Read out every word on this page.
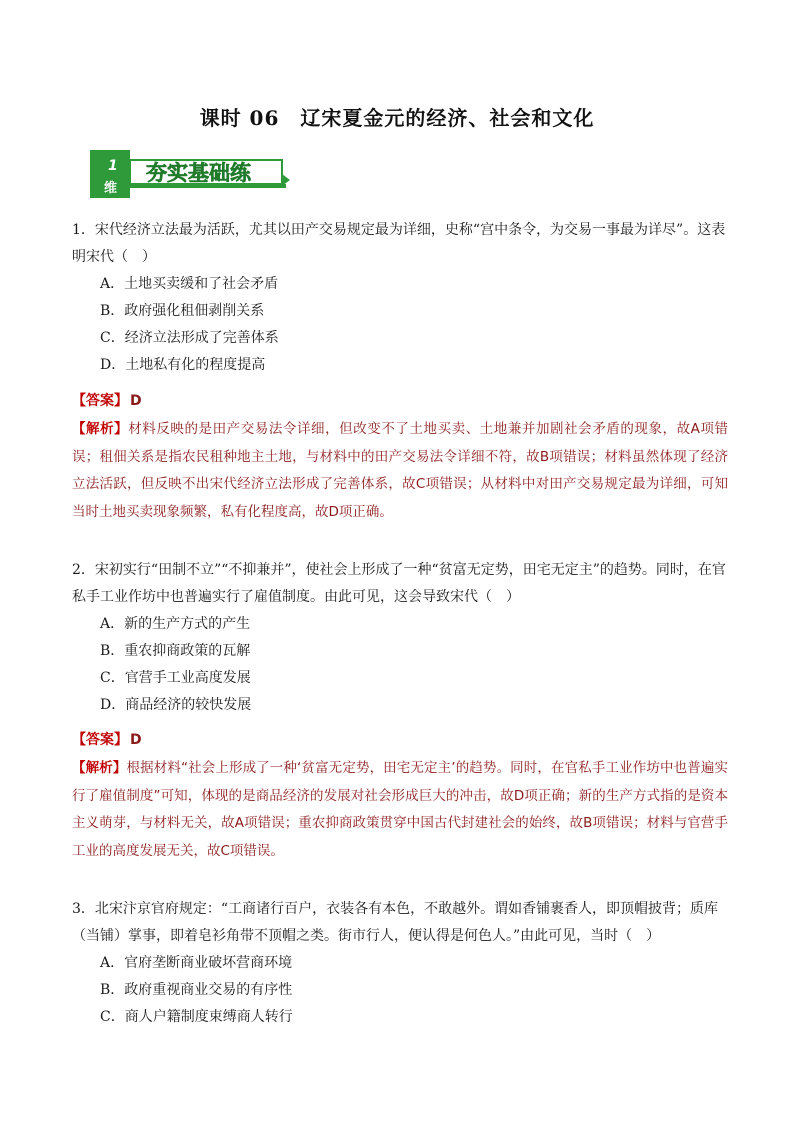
课时 06　辽宋夏金元的经济、社会和文化
1
维
夯实基础练
1．宋代经济立法最为活跃，尤其以田产交易规定最为详细，史称“宫中条令，为交易一事最为详尽”。这表明宋代（　）
A．土地买卖缓和了社会矛盾
B．政府强化租佃剥削关系
C．经济立法形成了完善体系
D．土地私有化的程度提高
【答案】 D
【解析】材料反映的是田产交易法令详细，但改变不了土地买卖、土地兼并加剧社会矛盾的现象，故A项错误；租佃关系是指农民租种地主土地，与材料中的田产交易法令详细不符，故B项错误；材料虽然体现了经济立法活跃，但反映不出宋代经济立法形成了完善体系，故C项错误；从材料中对田产交易规定最为详细，可知当时土地买卖现象频繁，私有化程度高，故D项正确。
2．宋初实行“田制不立”“不抑兼并”，使社会上形成了一种“贫富无定势，田宅无定主”的趋势。同时，在官私手工业作坊中也普遍实行了雇值制度。由此可见，这会导致宋代（　）
A．新的生产方式的产生
B．重农抑商政策的瓦解
C．官营手工业高度发展
D．商品经济的较快发展
【答案】 D
【解析】根据材料“社会上形成了一种‘贫富无定势，田宅无定主’的趋势。同时，在官私手工业作坊中也普遍实行了雇值制度”可知，体现的是商品经济的发展对社会形成巨大的冲击，故D项正确；新的生产方式指的是资本主义萌芽，与材料无关，故A项错误；重农抑商政策贯穿中国古代封建社会的始终，故B项错误；材料与官营手工业的高度发展无关，故C项错误。
3．北宋汴京官府规定：“工商诸行百户，衣装各有本色，不敢越外。谓如香铺裹香人，即顶帽披背；质库（当铺）掌事，即着皂衫角带不顶帽之类。街市行人，便认得是何色人。”由此可见，当时（　）
A．官府垄断商业破坏营商环境
B．政府重视商业交易的有序性
C．商人户籍制度束缚商人转行
